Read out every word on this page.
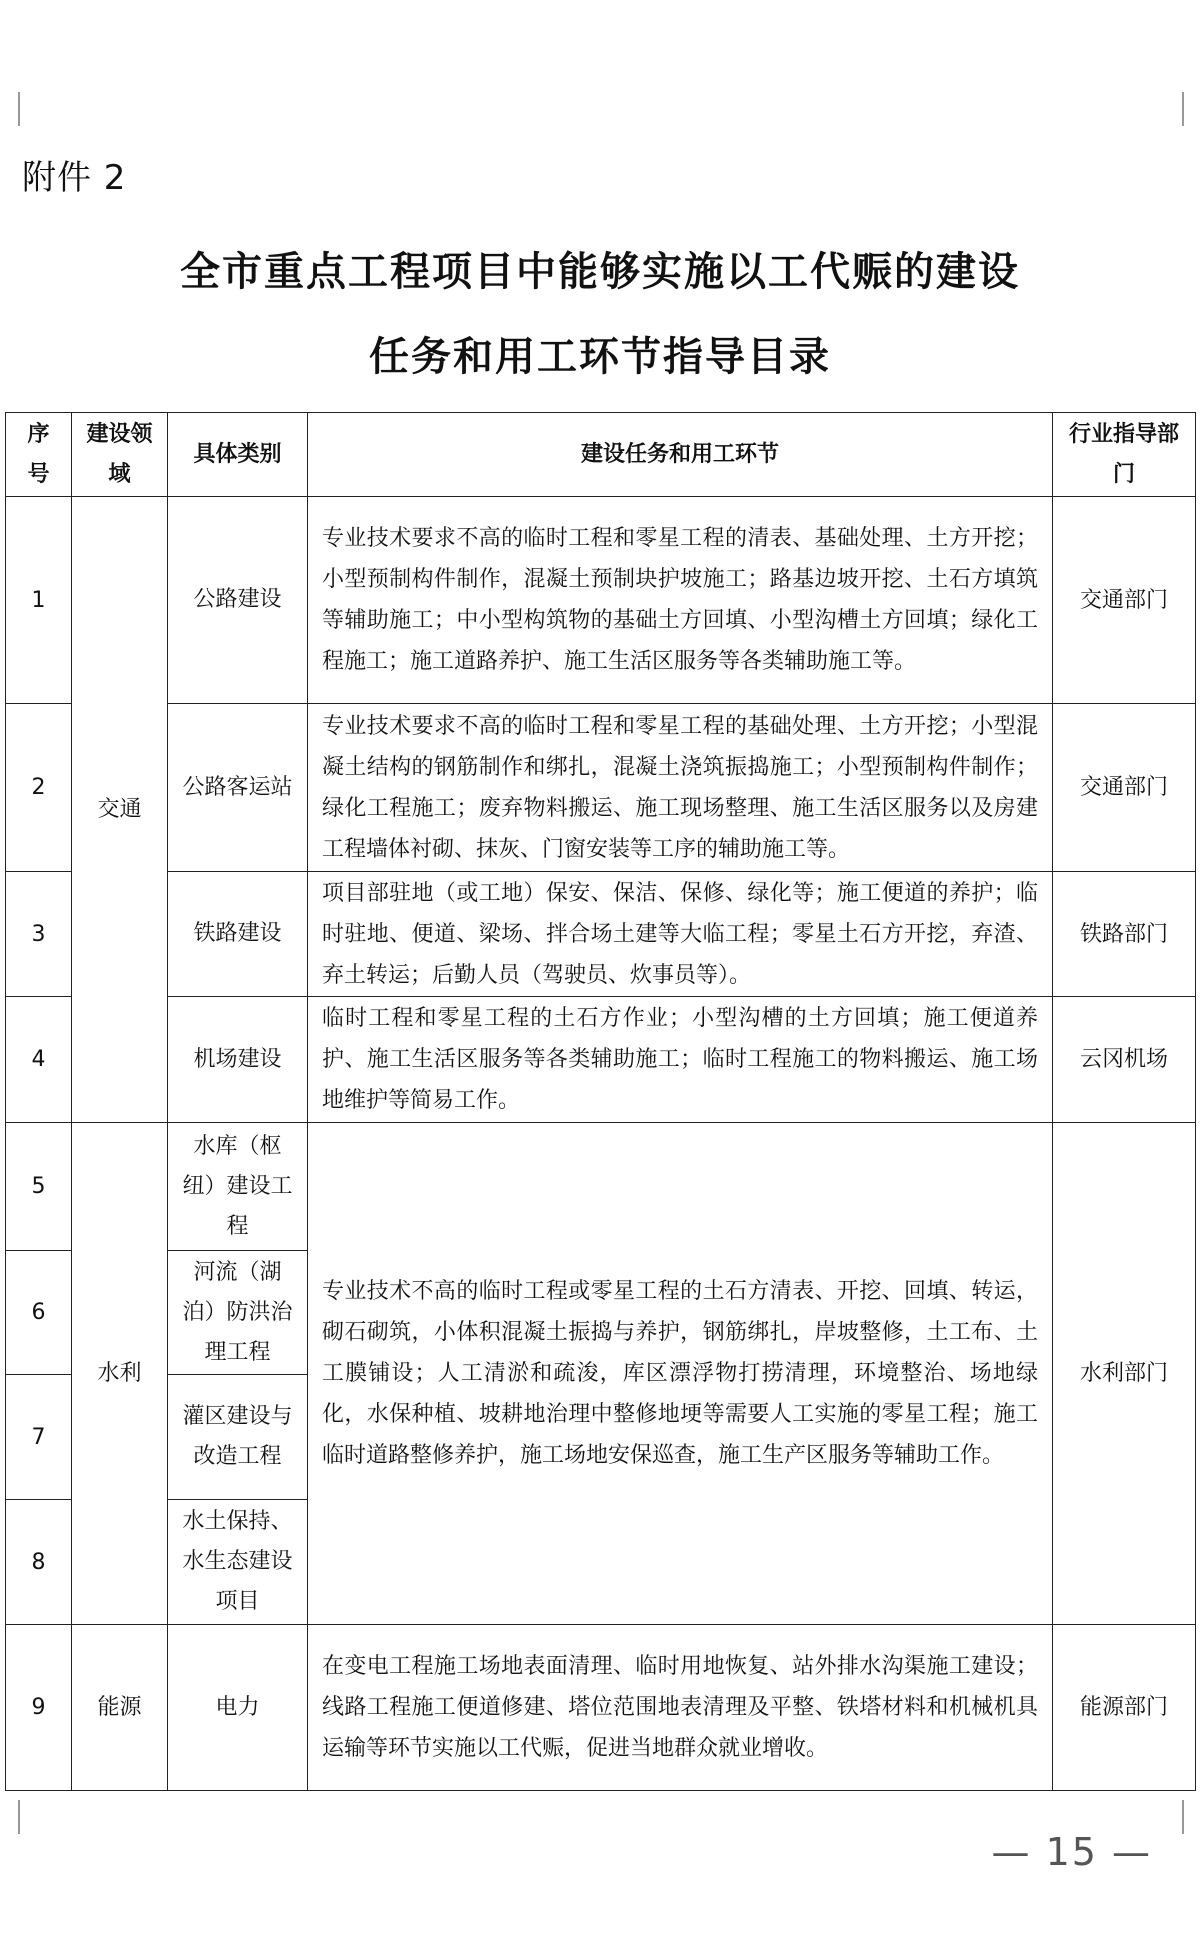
附件 2
全市重点工程项目中能够实施以工代赈的建设
任务和用工环节指导目录
序号	建设领域	具体类别	建设任务和用工环节	行业指导部门
1	交通	公路建设	专业技术要求不高的临时工程和零星工程的清表、基础处理、土方开挖；小型预制构件制作，混凝土预制块护坡施工；路基边坡开挖、土石方填筑等辅助施工；中小型构筑物的基础土方回填、小型沟槽土方回填；绿化工程施工；施工道路养护、施工生活区服务等各类辅助施工等。	交通部门
2		公路客运站	专业技术要求不高的临时工程和零星工程的基础处理、土方开挖；小型混凝土结构的钢筋制作和绑扎，混凝土浇筑振捣施工；小型预制构件制作；绿化工程施工；废弃物料搬运、施工现场整理、施工生活区服务以及房建工程墙体衬砌、抹灰、门窗安装等工序的辅助施工等。	交通部门
3		铁路建设	项目部驻地（或工地）保安、保洁、保修、绿化等；施工便道的养护；临时驻地、便道、梁场、拌合场土建等大临工程；零星土石方开挖，弃渣、弃土转运；后勤人员（驾驶员、炊事员等）。	铁路部门
4		机场建设	临时工程和零星工程的土石方作业；小型沟槽的土方回填；施工便道养护、施工生活区服务等各类辅助施工；临时工程施工的物料搬运、施工场地维护等简易工作。	云冈机场
5	水利	水库（枢纽）建设工程	专业技术不高的临时工程或零星工程的土石方清表、开挖、回填、转运，砌石砌筑，小体积混凝土振捣与养护，钢筋绑扎，岸坡整修，土工布、土工膜铺设；人工清淤和疏浚，库区漂浮物打捞清理，环境整治、场地绿化，水保种植、坡耕地治理中整修地埂等需要人工实施的零星工程；施工临时道路整修养护，施工场地安保巡查，施工生产区服务等辅助工作。	水利部门
6		河流（湖泊）防洪治理工程		
7		灌区建设与改造工程		
8		水土保持、水生态建设项目		
9	能源	电力	在变电工程施工场地表面清理、临时用地恢复、站外排水沟渠施工建设；线路工程施工便道修建、塔位范围地表清理及平整、铁塔材料和机械机具运输等环节实施以工代赈，促进当地群众就业增收。	能源部门
— 15 —
